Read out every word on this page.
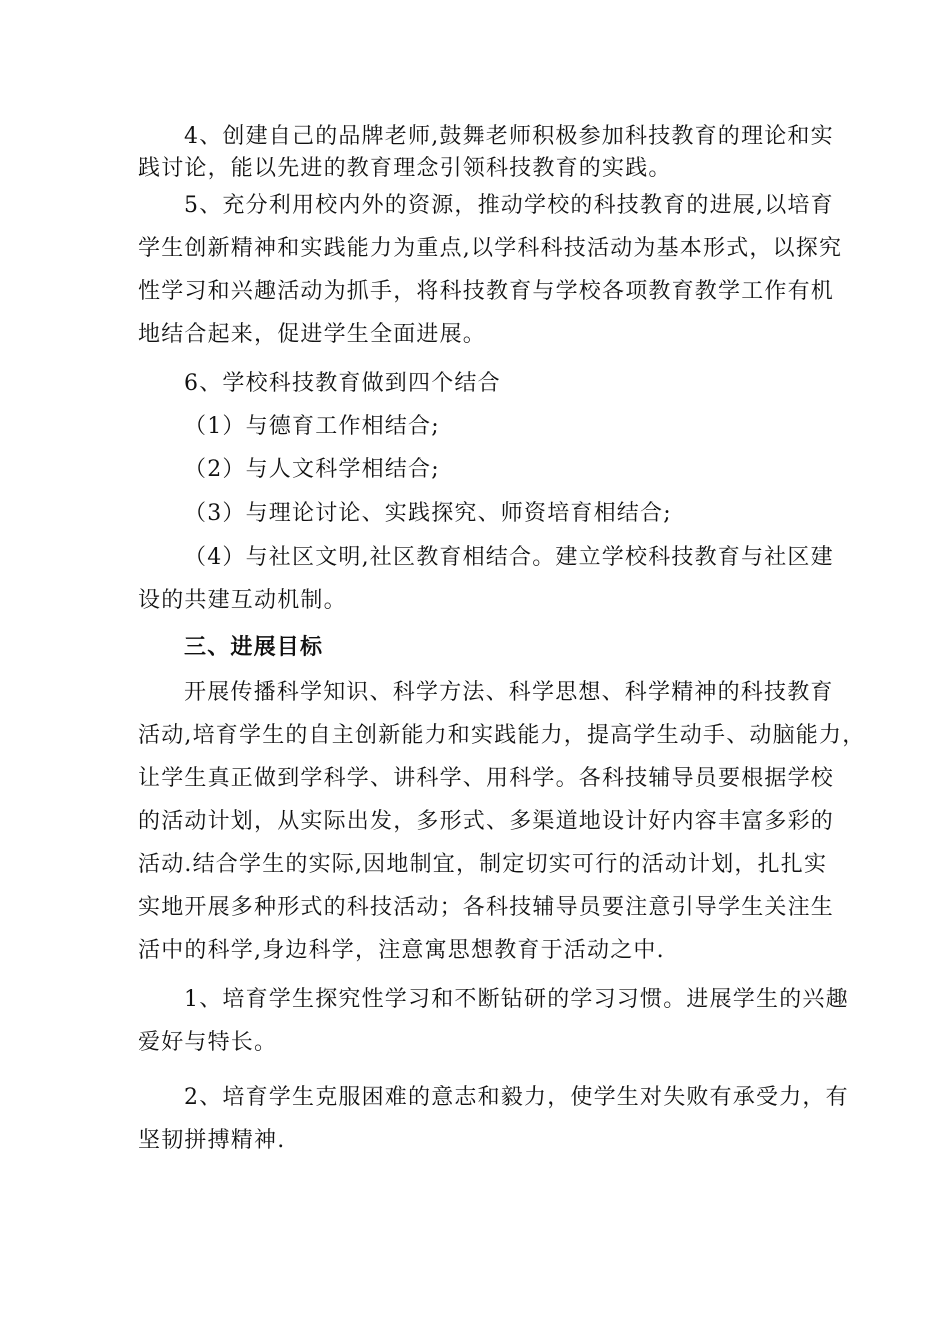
4、创建自己的品牌老师,鼓舞老师积极参加科技教育的理论和实
践讨论，能以先进的教育理念引领科技教育的实践。
5、充分利用校内外的资源，推动学校的科技教育的进展,以培育
学生创新精神和实践能力为重点,以学科科技活动为基本形式，以探究
性学习和兴趣活动为抓手，将科技教育与学校各项教育教学工作有机
地结合起来，促进学生全面进展。
6、学校科技教育做到四个结合
（1）与德育工作相结合;
（2）与人文科学相结合;
（3）与理论讨论、实践探究、师资培育相结合;
（4）与社区文明,社区教育相结合。建立学校科技教育与社区建
设的共建互动机制。
三、进展目标
开展传播科学知识、科学方法、科学思想、科学精神的科技教育
活动,培育学生的自主创新能力和实践能力，提高学生动手、动脑能力，
让学生真正做到学科学、讲科学、用科学。各科技辅导员要根据学校
的活动计划，从实际出发，多形式、多渠道地设计好内容丰富多彩的
活动.结合学生的实际,因地制宜，制定切实可行的活动计划，扎扎实
实地开展多种形式的科技活动；各科技辅导员要注意引导学生关注生
活中的科学,身边科学，注意寓思想教育于活动之中.
1、培育学生探究性学习和不断钻研的学习习惯。进展学生的兴趣
爱好与特长。
2、培育学生克服困难的意志和毅力，使学生对失败有承受力，有
坚韧拼搏精神.
